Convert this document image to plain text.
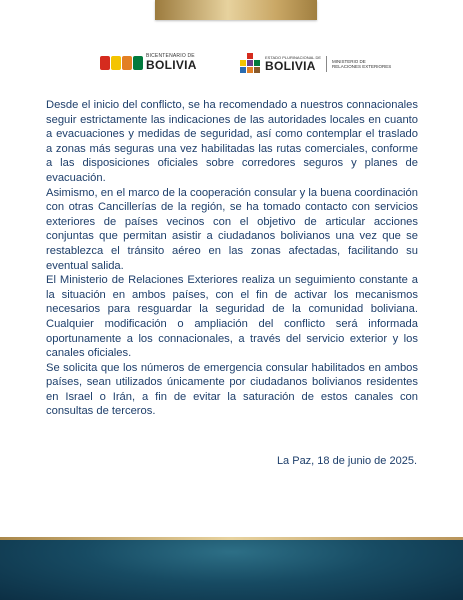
BICENTENARIO DE
BOLIVIA
ESTADO PLURINACIONAL DE
BOLIVIA	MINISTERIO DE
RELACIONES EXTERIORES

Desde el inicio del conflicto, se ha recomendado a nuestros connacionales seguir estrictamente las indicaciones de las autoridades locales en cuanto a evacuaciones y medidas de seguridad, así como contemplar el traslado a zonas más seguras una vez habilitadas las rutas comerciales, conforme a las disposiciones oficiales sobre corredores seguros y planes de evacuación.

Asimismo, en el marco de la cooperación consular y la buena coordinación con otras Cancillerías de la región, se ha tomado contacto con servicios exteriores de países vecinos con el objetivo de articular acciones conjuntas que permitan asistir a ciudadanos bolivianos una vez que se restablezca el tránsito aéreo en las zonas afectadas, facilitando su eventual salida.

El Ministerio de Relaciones Exteriores realiza un seguimiento constante a la situación en ambos países, con el fin de activar los mecanismos necesarios para resguardar la seguridad de la comunidad boliviana. Cualquier modificación o ampliación del conflicto será informada oportunamente a los connacionales, a través del servicio exterior y los canales oficiales.

Se solicita que los números de emergencia consular habilitados en ambos países, sean utilizados únicamente por ciudadanos bolivianos residentes en Israel o Irán, a fin de evitar la saturación de estos canales con consultas de terceros.

La Paz, 18 de junio de 2025.
